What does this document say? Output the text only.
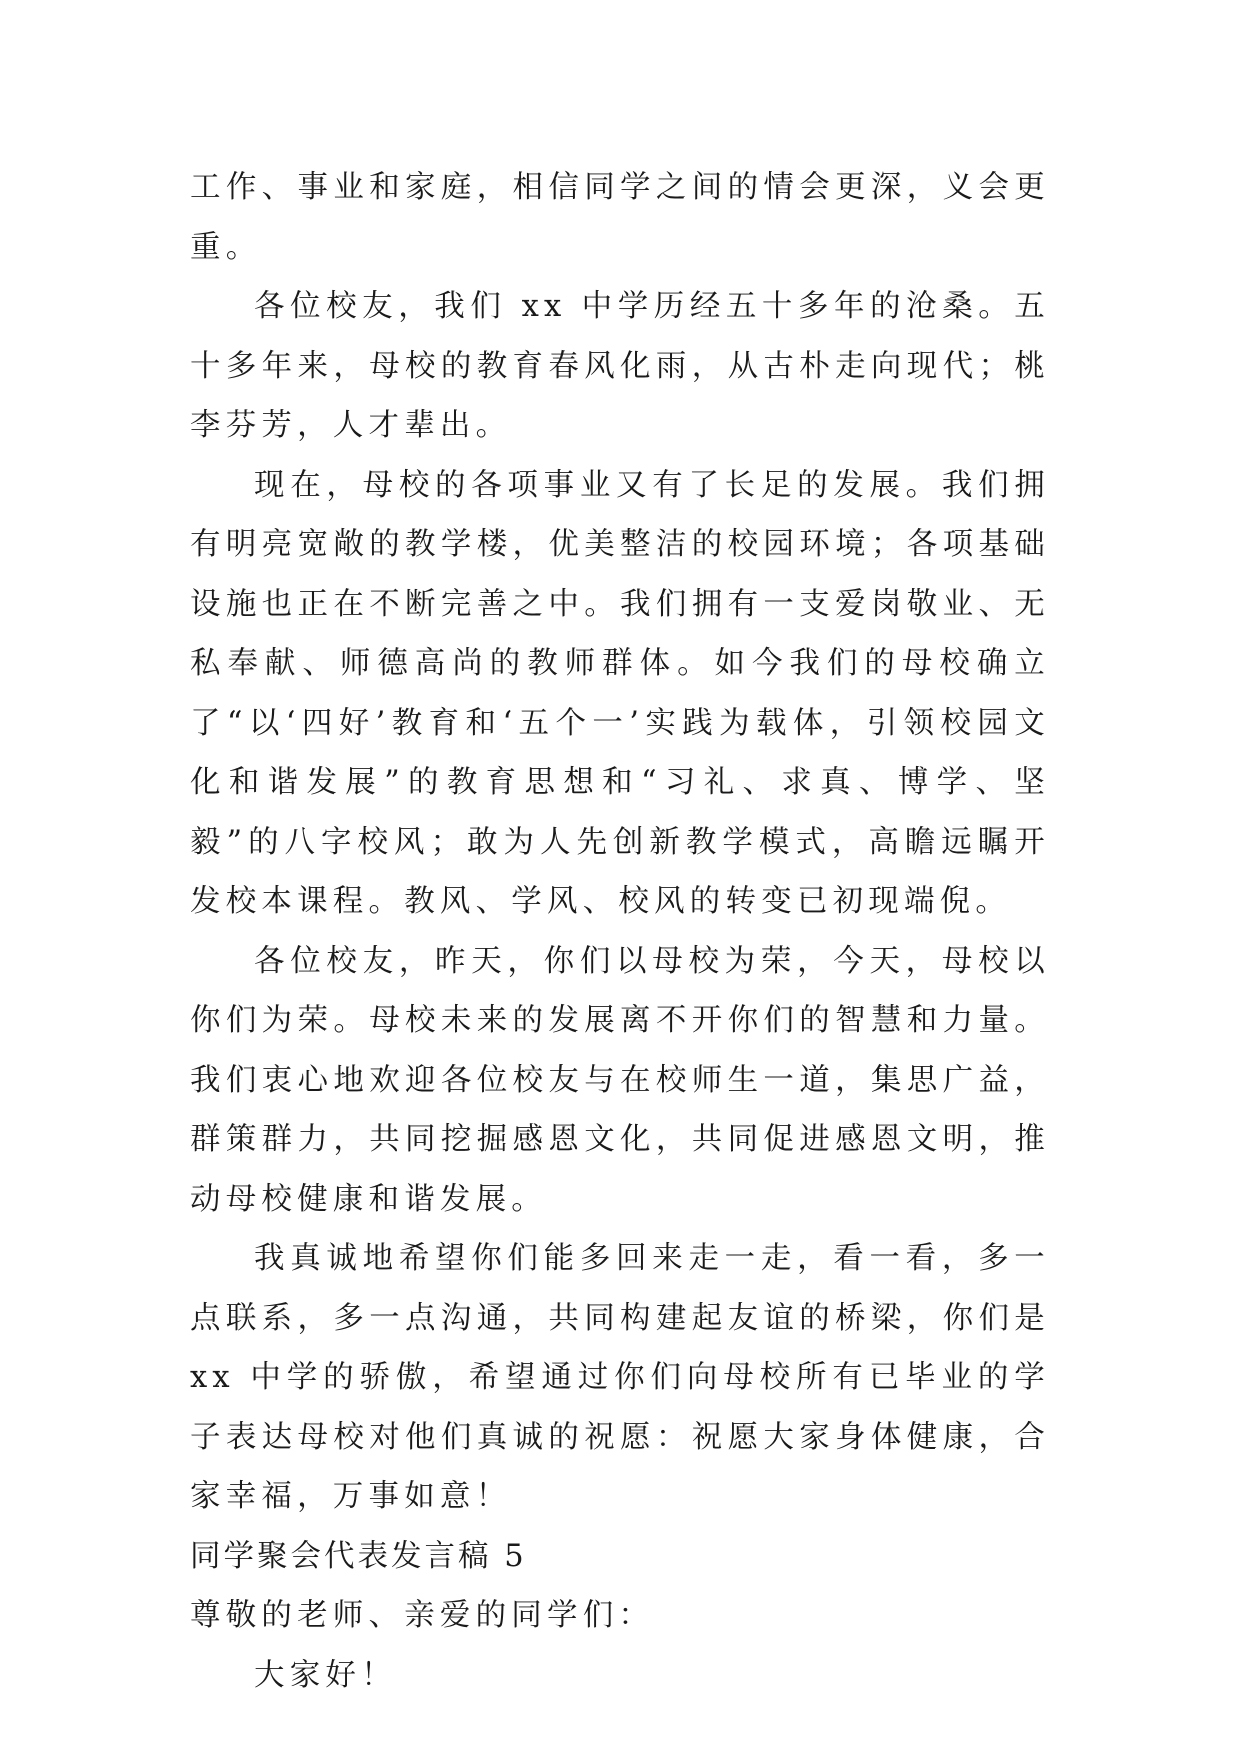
工作、事业和家庭，相信同学之间的情会更深，义会更重。

各位校友，我们 xx 中学历经五十多年的沧桑。五十多年来，母校的教育春风化雨，从古朴走向现代；桃李芬芳，人才辈出。

现在，母校的各项事业又有了长足的发展。我们拥有明亮宽敞的教学楼，优美整洁的校园环境；各项基础设施也正在不断完善之中。我们拥有一支爱岗敬业、无私奉献、师德高尚的教师群体。如今我们的母校确立了“以‘四好’教育和‘五个一’实践为载体，引领校园文化和谐发展”的教育思想和“习礼、求真、博学、坚毅”的八字校风；敢为人先创新教学模式，高瞻远瞩开发校本课程。教风、学风、校风的转变已初现端倪。

各位校友，昨天，你们以母校为荣，今天，母校以你们为荣。母校未来的发展离不开你们的智慧和力量。我们衷心地欢迎各位校友与在校师生一道，集思广益，群策群力，共同挖掘感恩文化，共同促进感恩文明，推动母校健康和谐发展。

我真诚地希望你们能多回来走一走，看一看，多一点联系，多一点沟通，共同构建起友谊的桥梁，你们是 xx 中学的骄傲，希望通过你们向母校所有已毕业的学子表达母校对他们真诚的祝愿：祝愿大家身体健康，合家幸福，万事如意！

同学聚会代表发言稿 5

尊敬的老师、亲爱的同学们：

大家好！
